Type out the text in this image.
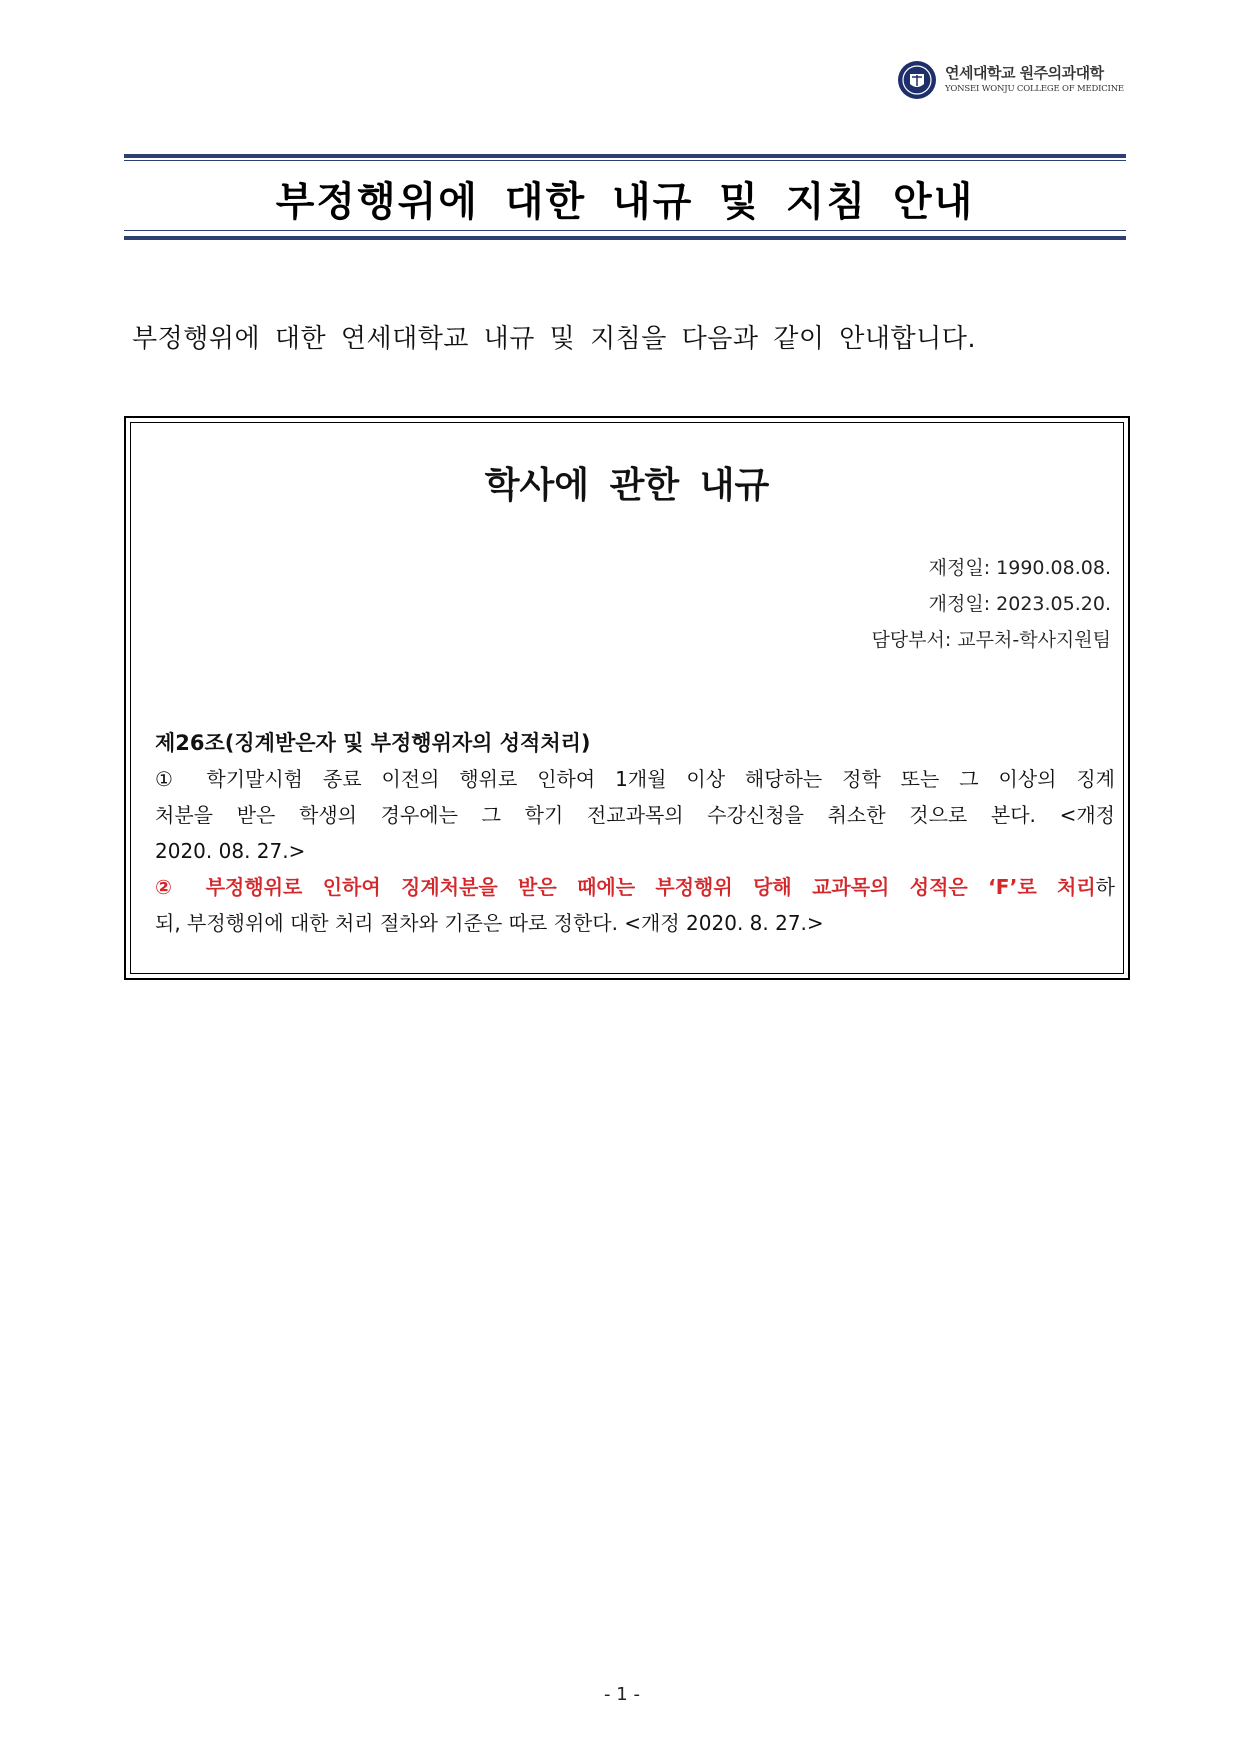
연세대학교 원주의과대학
YONSEI WONJU COLLEGE OF MEDICINE
부정행위에 대한 내규 및 지침 안내
부정행위에 대한 연세대학교 내규 및 지침을 다음과 같이 안내합니다.
학사에 관한 내규
재정일: 1990.08.08.
개정일: 2023.05.20.
담당부서: 교무처-학사지원팀
제26조(징계받은자 및 부정행위자의 성적처리)
① 학기말시험 종료 이전의 행위로 인하여 1개월 이상 해당하는 정학 또는 그 이상의 징계
처분을 받은 학생의 경우에는 그 학기 전교과목의 수강신청을 취소한 것으로 본다. <개정
2020. 08. 27.>
② 부정행위로 인하여 징계처분을 받은 때에는 부정행위 당해 교과목의 성적은 ‘F’로 처리하
되, 부정행위에 대한 처리 절차와 기준은 따로 정한다. <개정 2020. 8. 27.>
- 1 -
